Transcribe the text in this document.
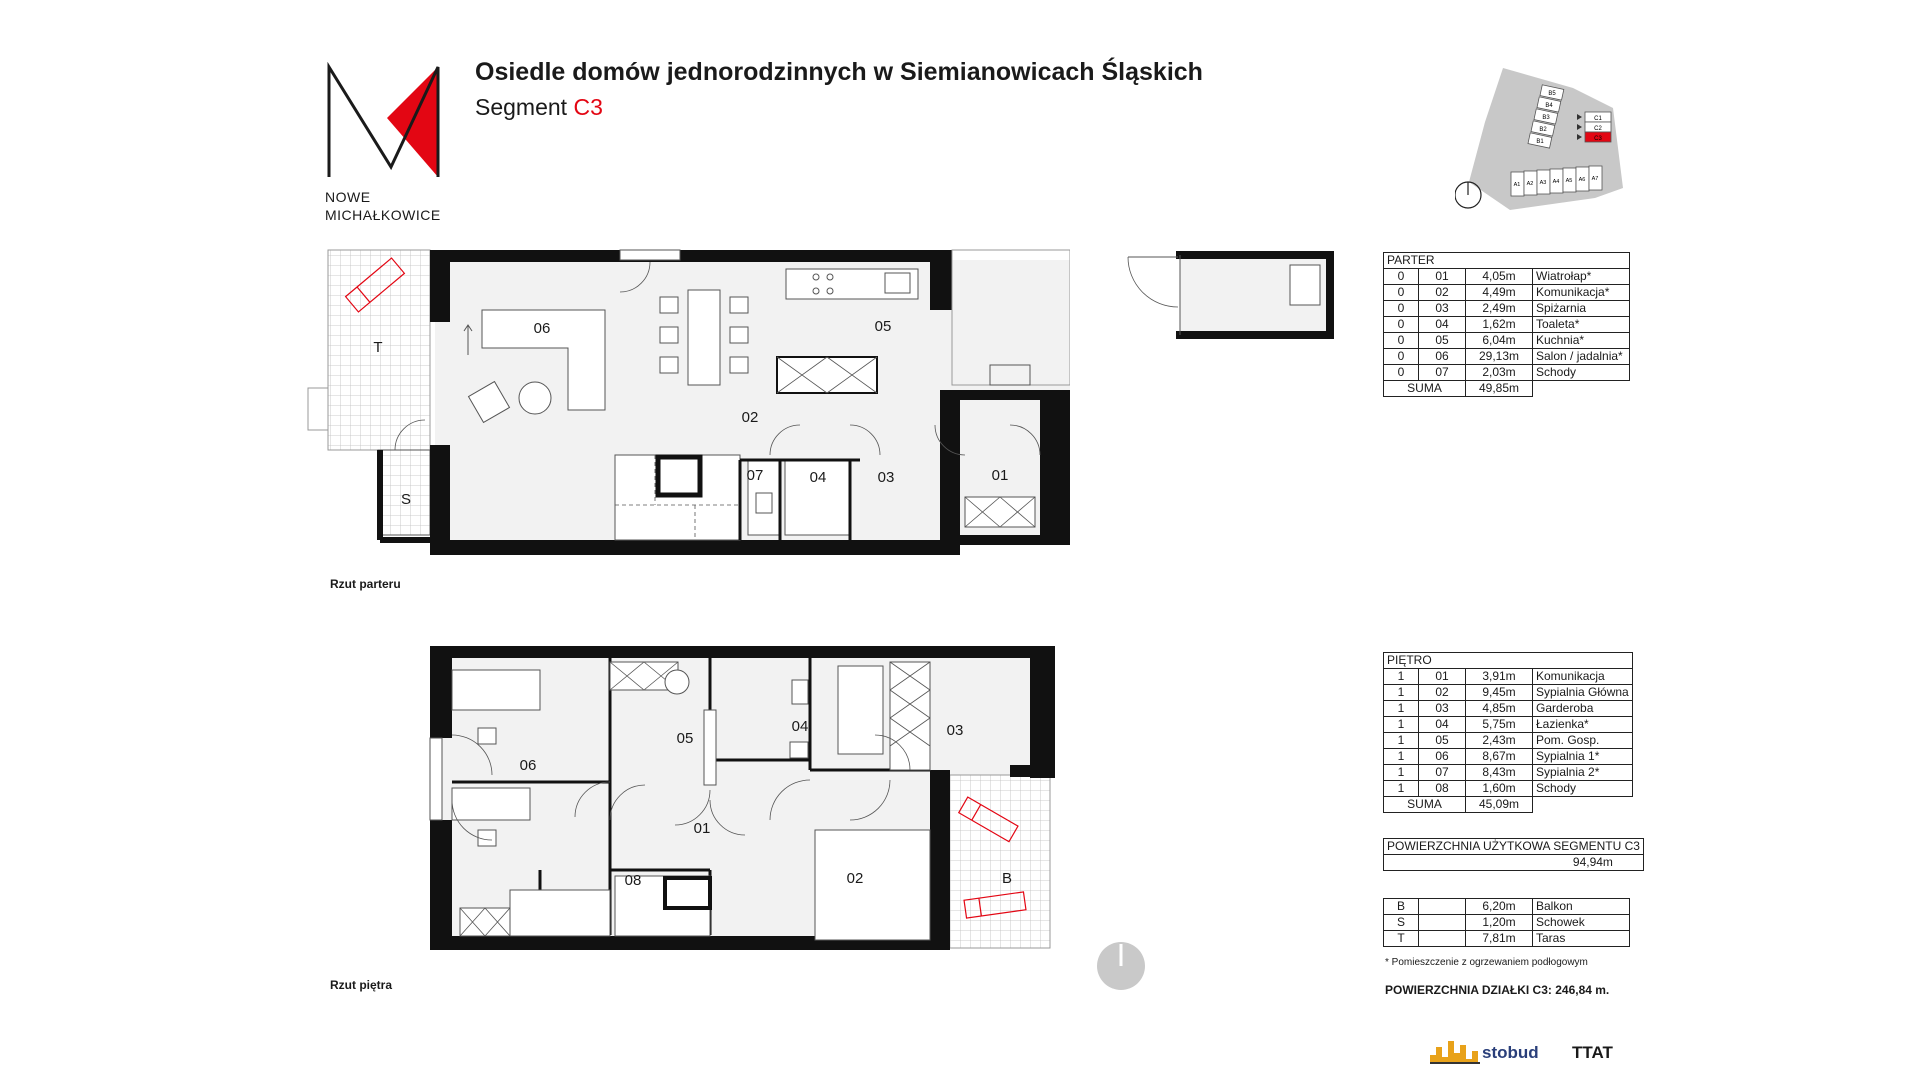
NOWE
MICHAŁKOWICE
Osiedle domów jednorodzinnych w Siemianowicach Śląskich
Segment C3	B5
B4
B3
B2
B1
C1
C2
C3
A1 A2 A3 A4 A5 A6 A7
06	05
02
07	04	03	01
T
S
Rzut parteru
06
05
04	03
01
08	02	B
Rzut piętra
PARTER			
0	01	4,05m	Wiatrołap*
0	02	4,49m	Komunikacja*
0	03	2,49m	Spiżarnia
0	04	1,62m	Toaleta*
0	05	6,04m	Kuchnia*
0	06	29,13m	Salon / jadalnia*
0	07	2,03m	Schody
SUMA		49,85m	
PIĘTRO			
1	01	3,91m	Komunikacja
1	02	9,45m	Sypialnia Główna
1	03	4,85m	Garderoba
1	04	5,75m	Łazienka*
1	05	2,43m	Pom. Gosp.
1	06	8,67m	Sypialnia 1*
1	07	8,43m	Sypialnia 2*
1	08	1,60m	Schody
SUMA		45,09m	
POWIERZCHNIA UŻYTKOWA SEGMENTU C3
94,94m
B		6,20m	Balkon
S		1,20m	Schowek
T		7,81m	Taras
* Pomieszczenie z ogrzewaniem podłogowym
POWIERZCHNIA DZIAŁKI C3: 246,84 m.
stobud TTAT
